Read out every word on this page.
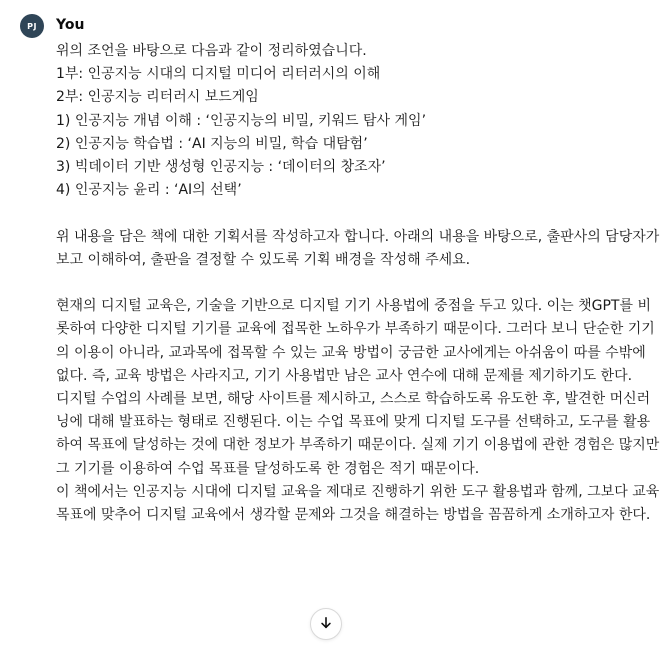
PJ	You
위의 조언을 바탕으로 다음과 같이 정리하였습니다.
1부: 인공지능 시대의 디지털 미디어 리터러시의 이해
2부: 인공지능 리터러시 보드게임
1) 인공지능 개념 이해 : ‘인공지능의 비밀, 키워드 탐사 게임’
2) 인공지능 학습법 : ‘AI 지능의 비밀, 학습 대탐험’
3) 빅데이터 기반 생성형 인공지능 : ‘데이터의 창조자’
4) 인공지능 윤리 : ‘AI의 선택’
위 내용을 담은 책에 대한 기획서를 작성하고자 합니다. 아래의 내용을 바탕으로, 출판사의 담당자가 보고 이해하여, 출판을 결정할 수 있도록 기획 배경을 작성해 주세요.
현재의 디지털 교육은, 기술을 기반으로 디지털 기기 사용법에 중점을 두고 있다. 이는 챗GPT를 비롯하여 다양한 디지털 기기를 교육에 접목한 노하우가 부족하기 때문이다. 그러다 보니 단순한 기기의 이용이 아니라, 교과목에 접목할 수 있는 교육 방법이 궁금한 교사에게는 아쉬움이 따를 수밖에 없다. 즉, 교육 방법은 사라지고, 기기 사용법만 남은 교사 연수에 대해 문제를 제기하기도 한다.
디지털 수업의 사례를 보면, 해당 사이트를 제시하고, 스스로 학습하도록 유도한 후, 발견한 머신러닝에 대해 발표하는 형태로 진행된다. 이는 수업 목표에 맞게 디지털 도구를 선택하고, 도구를 활용하여 목표에 달성하는 것에 대한 정보가 부족하기 때문이다. 실제 기기 이용법에 관한 경험은 많지만 그 기기를 이용하여 수업 목표를 달성하도록 한 경험은 적기 때문이다.
이 책에서는 인공지능 시대에 디지털 교육을 제대로 진행하기 위한 도구 활용법과 함께, 그보다 교육 목표에 맞추어 디지털 교육에서 생각할 문제와 그것을 해결하는 방법을 꼼꼼하게 소개하고자 한다.
